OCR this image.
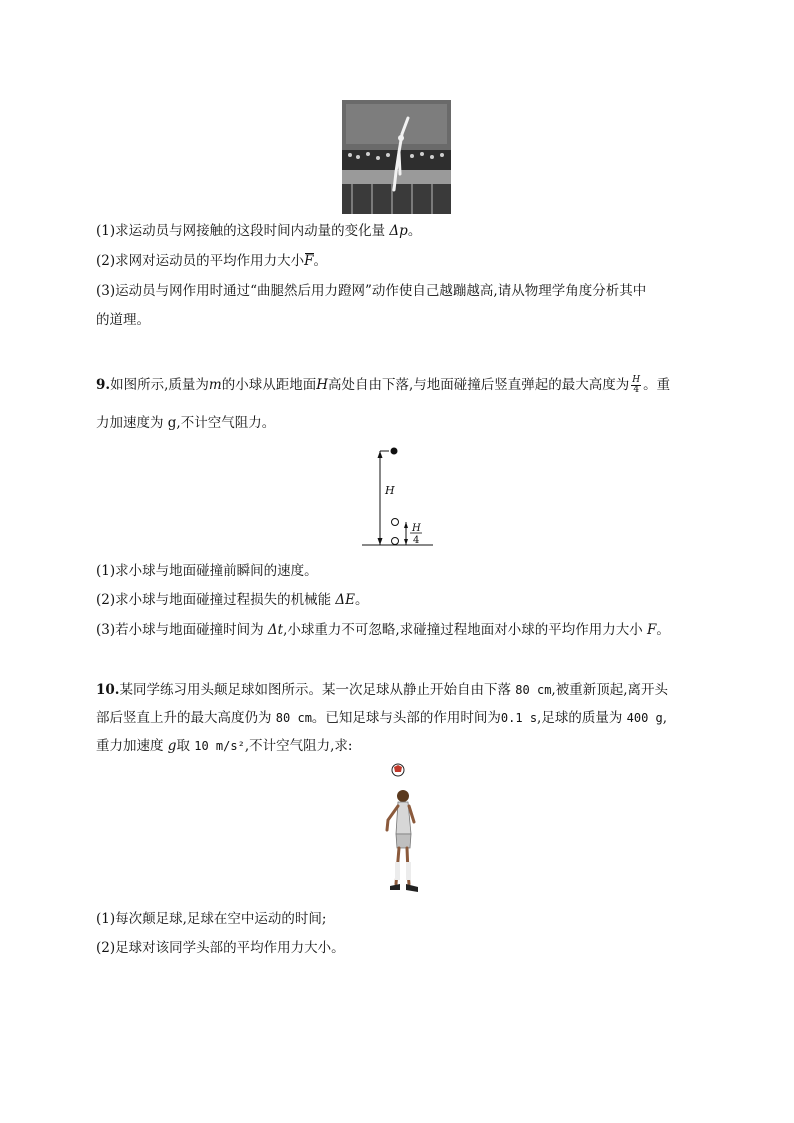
(1)求运动员与网接触的这段时间内动量的变化量 Δp。
(2)求网对运动员的平均作用力大小F。
(3)运动员与网作用时通过“曲腿然后用力蹬网”动作使自己越蹦越高,请从物理学角度分析其中
的道理。
9.如图所示,质量为m的小球从距地面H高处自由下落,与地面碰撞后竖直弹起的最大高度为 $\frac{H}{4}$ 。重
力加速度为 g,不计空气阻力。
H
H
4
(1)求小球与地面碰撞前瞬间的速度。
(2)求小球与地面碰撞过程损失的机械能 ΔE。
(3)若小球与地面碰撞时间为 Δt,小球重力不可忽略,求碰撞过程地面对小球的平均作用力大小 F。
10.某同学练习用头颠足球如图所示。某一次足球从静止开始自由下落 80 cm,被重新顶起,离开头
部后竖直上升的最大高度仍为 80 cm。已知足球与头部的作用时间为0.1 s,足球的质量为 400 g,
重力加速度 g取 10 m/s²,不计空气阻力,求:
(1)每次颠足球,足球在空中运动的时间;
(2)足球对该同学头部的平均作用力大小。
